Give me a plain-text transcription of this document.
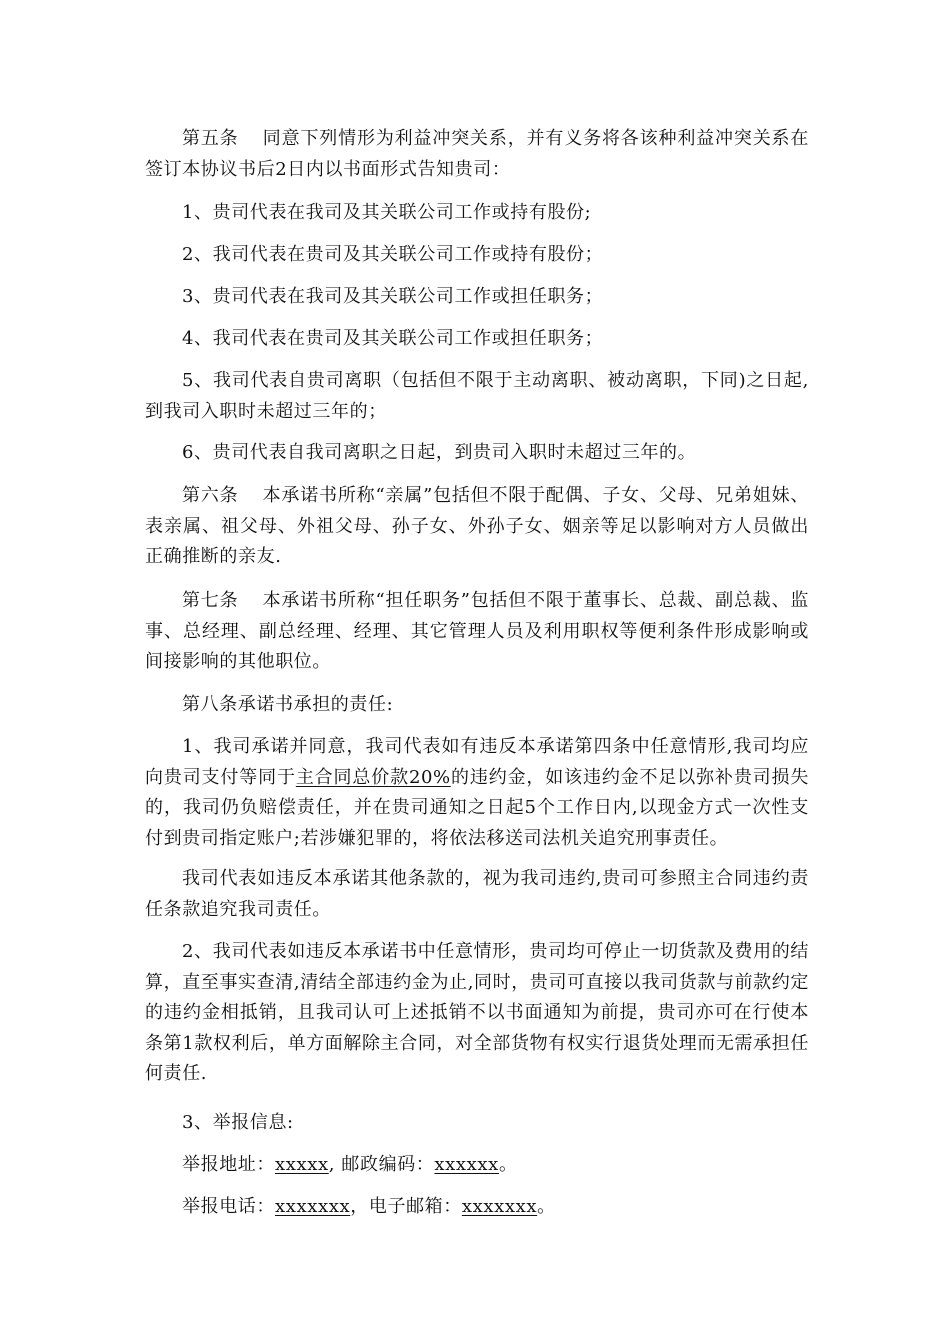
第五条 同意下列情形为利益冲突关系，并有义务将各该种利益冲突关系在签订本协议书后2日内以书面形式告知贵司：

1、贵司代表在我司及其关联公司工作或持有股份;

2、我司代表在贵司及其关联公司工作或持有股份；

3、贵司代表在我司及其关联公司工作或担任职务；

4、我司代表在贵司及其关联公司工作或担任职务；

5、我司代表自贵司离职（包括但不限于主动离职、被动离职，下同)之日起,到我司入职时未超过三年的；

6、贵司代表自我司离职之日起，到贵司入职时未超过三年的。

第六条 本承诺书所称“亲属”包括但不限于配偶、子女、父母、兄弟姐妹、表亲属、祖父母、外祖父母、孙子女、外孙子女、姻亲等足以影响对方人员做出正确推断的亲友.

第七条 本承诺书所称“担任职务”包括但不限于董事长、总裁、副总裁、监事、总经理、副总经理、经理、其它管理人员及利用职权等便利条件形成影响或间接影响的其他职位。

第八条承诺书承担的责任:

1、我司承诺并同意，我司代表如有违反本承诺第四条中任意情形,我司均应向贵司支付等同于主合同总价款20%的违约金，如该违约金不足以弥补贵司损失的，我司仍负赔偿责任，并在贵司通知之日起5个工作日内,以现金方式一次性支付到贵司指定账户;若涉嫌犯罪的，将依法移送司法机关追究刑事责任。

我司代表如违反本承诺其他条款的，视为我司违约,贵司可参照主合同违约责任条款追究我司责任。

2、我司代表如违反本承诺书中任意情形，贵司均可停止一切货款及费用的结算，直至事实查清,清结全部违约金为止,同时，贵司可直接以我司货款与前款约定的违约金相抵销，且我司认可上述抵销不以书面通知为前提，贵司亦可在行使本条第1款权利后，单方面解除主合同，对全部货物有权实行退货处理而无需承担任何责任.

3、举报信息:

举报地址：xxxxx, 邮政编码：xxxxxx。

举报电话：xxxxxxx，电子邮箱：xxxxxxx。
